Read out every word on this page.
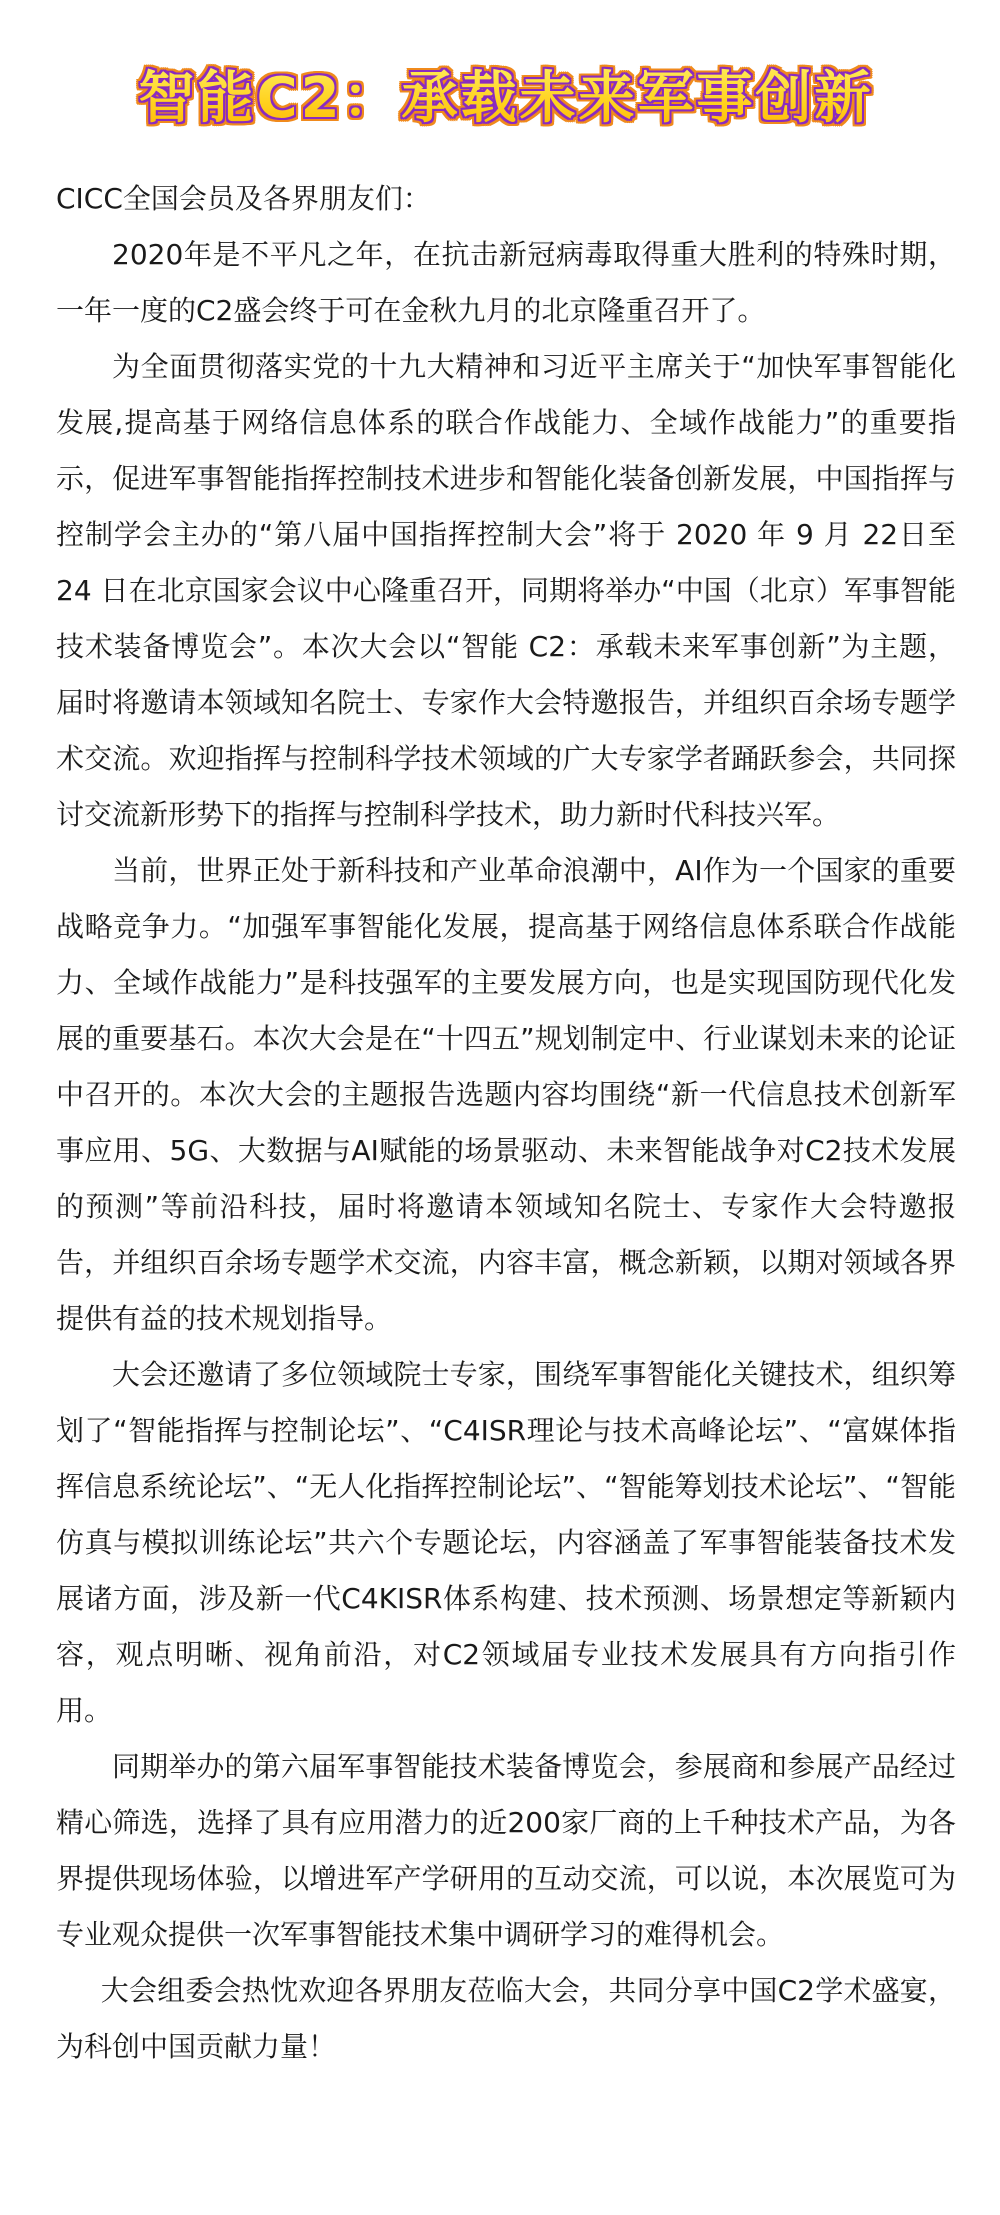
智能C2：承载未来军事创新

CICC全国会员及各界朋友们：

2020年是不平凡之年，在抗击新冠病毒取得重大胜利的特殊时期，一年一度的C2盛会终于可在金秋九月的北京隆重召开了。

为全面贯彻落实党的十九大精神和习近平主席关于“加快军事智能化发展,提高基于网络信息体系的联合作战能力、全域作战能力”的重要指示，促进军事智能指挥控制技术进步和智能化装备创新发展，中国指挥与控制学会主办的“第八届中国指挥控制大会”将于 2020 年 9 月 22日至 24 日在北京国家会议中心隆重召开，同期将举办“中国（北京）军事智能技术装备博览会”。本次大会以“智能 C2：承载未来军事创新”为主题，届时将邀请本领域知名院士、专家作大会特邀报告，并组织百余场专题学术交流。欢迎指挥与控制科学技术领域的广大专家学者踊跃参会，共同探讨交流新形势下的指挥与控制科学技术，助力新时代科技兴军。

当前，世界正处于新科技和产业革命浪潮中，AI作为一个国家的重要战略竞争力。“加强军事智能化发展，提高基于网络信息体系联合作战能力、全域作战能力”是科技强军的主要发展方向，也是实现国防现代化发展的重要基石。本次大会是在“十四五”规划制定中、行业谋划未来的论证中召开的。本次大会的主题报告选题内容均围绕“新一代信息技术创新军事应用、5G、大数据与AI赋能的场景驱动、未来智能战争对C2技术发展的预测”等前沿科技，届时将邀请本领域知名院士、专家作大会特邀报告，并组织百余场专题学术交流，内容丰富，概念新颖，以期对领域各界提供有益的技术规划指导。

大会还邀请了多位领域院士专家，围绕军事智能化关键技术，组织筹划了“智能指挥与控制论坛”、“C4ISR理论与技术高峰论坛”、“富媒体指挥信息系统论坛”、“无人化指挥控制论坛”、“智能筹划技术论坛”、“智能仿真与模拟训练论坛”共六个专题论坛，内容涵盖了军事智能装备技术发展诸方面，涉及新一代C4KISR体系构建、技术预测、场景想定等新颖内容，观点明晰、视角前沿，对C2领域届专业技术发展具有方向指引作用。

同期举办的第六届军事智能技术装备博览会，参展商和参展产品经过精心筛选，选择了具有应用潜力的近200家厂商的上千种技术产品，为各界提供现场体验，以增进军产学研用的互动交流，可以说，本次展览可为专业观众提供一次军事智能技术集中调研学习的难得机会。

大会组委会热忱欢迎各界朋友莅临大会，共同分享中国C2学术盛宴，为科创中国贡献力量！
